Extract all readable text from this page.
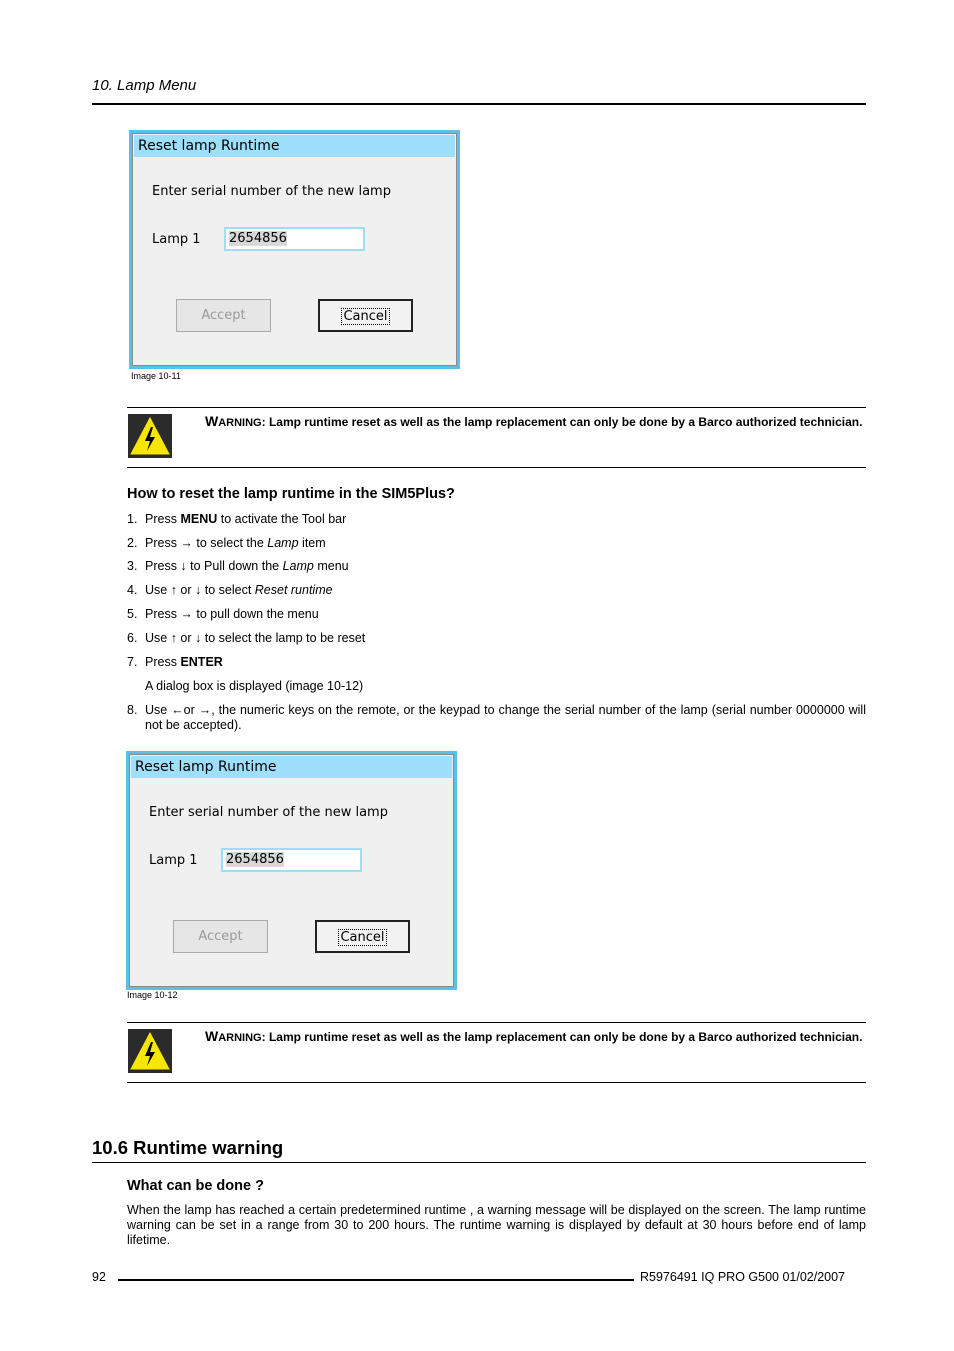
10. Lamp Menu
Reset lamp Runtime
Enter serial number of the new lamp
Lamp 1	2654856
Accept	Cancel
Image 10-11
WARNING: Lamp runtime reset as well as the lamp replacement can only be done by a Barco authorized technician.
How to reset the lamp runtime in the SIM5Plus?
1. Press MENU to activate the Tool bar
2. Press → to select the Lamp item
3. Press ↓ to Pull down the Lamp menu
4. Use ↑ or ↓ to select Reset runtime
5. Press → to pull down the menu
6. Use ↑ or ↓ to select the lamp to be reset
7. Press ENTER
A dialog box is displayed (image 10-12)
8. Use ←or →, the numeric keys on the remote, or the keypad to change the serial number of the lamp (serial number 0000000 will not be accepted).
Reset lamp Runtime
Enter serial number of the new lamp
Lamp 1	2654856
Accept	Cancel
Image 10-12
WARNING: Lamp runtime reset as well as the lamp replacement can only be done by a Barco authorized technician.
10.6 Runtime warning
What can be done ?
When the lamp has reached a certain predetermined runtime , a warning message will be displayed on the screen. The lamp runtime warning can be set in a range from 30 to 200 hours. The runtime warning is displayed by default at 30 hours before end of lamp lifetime.
92	R5976491 IQ PRO G500 01/02/2007
